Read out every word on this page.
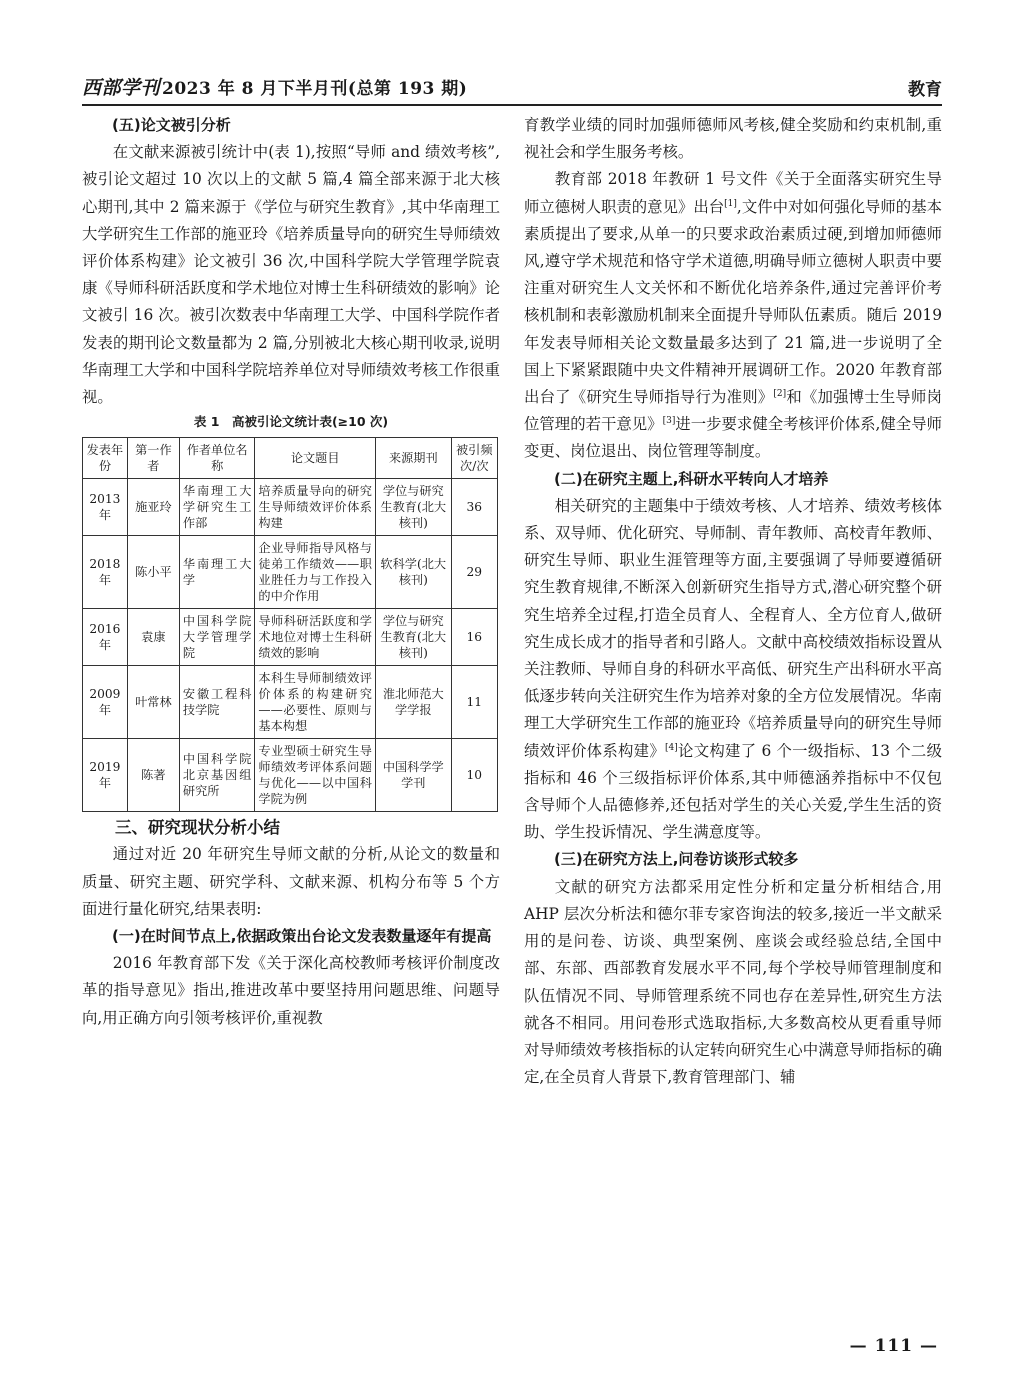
西部学刊 2023 年 8 月下半月刊(总第 193 期)	教育

(五)论文被引分析

在文献来源被引统计中(表 1),按照“导师 and 绩效考核”,被引论文超过 10 次以上的文献 5 篇,4 篇全部来源于北大核心期刊,其中 2 篇来源于《学位与研究生教育》,其中华南理工大学研究生工作部的施亚玲《培养质量导向的研究生导师绩效评价体系构建》论文被引 36 次,中国科学院大学管理学院袁康《导师科研活跃度和学术地位对博士生科研绩效的影响》论文被引 16 次。被引次数表中华南理工大学、中国科学院作者发表的期刊论文数量都为 2 篇,分别被北大核心期刊收录,说明华南理工大学和中国科学院培养单位对导师绩效考核工作很重视。

表 1　高被引论文统计表(≥10 次)
发表年份	第一作者	作者单位名称	论文题目	来源期刊	被引频次/次
2013 年	施亚玲	华南理工大学研究生工作部	培养质量导向的研究生导师绩效评价体系构建	学位与研究生教育(北大核刊)	36
2018 年	陈小平	华南理工大学	企业导师指导风格与徒弟工作绩效——职业胜任力与工作投入的中介作用	软科学(北大核刊)	29
2016 年	袁康	中国科学院大学管理学院	导师科研活跃度和学术地位对博士生科研绩效的影响	学位与研究生教育(北大核刊)	16
2009 年	叶常林	安徽工程科技学院	本科生导师制绩效评价体系的构建研究——必要性、原则与基本构想	淮北师范大学学报	11
2019 年	陈著	中国科学院北京基因组研究所	专业型硕士研究生导师绩效考评体系问题与优化——以中国科学院为例	中国科学学学刊	10

三、研究现状分析小结

通过对近 20 年研究生导师文献的分析,从论文的数量和质量、研究主题、研究学科、文献来源、机构分布等 5 个方面进行量化研究,结果表明:

(一)在时间节点上,依据政策出台论文发表数量逐年有提高

2016 年教育部下发《关于深化高校教师考核评价制度改革的指导意见》指出,推进改革中要坚持用问题思维、问题导向,用正确方向引领考核评价,重视教

育教学业绩的同时加强师德师风考核,健全奖励和约束机制,重视社会和学生服务考核。

教育部 2018 年教研 1 号文件《关于全面落实研究生导师立德树人职责的意见》出台[1],文件中对如何强化导师的基本素质提出了要求,从单一的只要求政治素质过硬,到增加师德师风,遵守学术规范和恪守学术道德,明确导师立德树人职责中要注重对研究生人文关怀和不断优化培养条件,通过完善评价考核机制和表彰激励机制来全面提升导师队伍素质。随后 2019 年发表导师相关论文数量最多达到了 21 篇,进一步说明了全国上下紧紧跟随中央文件精神开展调研工作。2020 年教育部出台了《研究生导师指导行为准则》[2]和《加强博士生导师岗位管理的若干意见》[3]进一步要求健全考核评价体系,健全导师变更、岗位退出、岗位管理等制度。

(二)在研究主题上,科研水平转向人才培养

相关研究的主题集中于绩效考核、人才培养、绩效考核体系、双导师、优化研究、导师制、青年教师、高校青年教师、研究生导师、职业生涯管理等方面,主要强调了导师要遵循研究生教育规律,不断深入创新研究生指导方式,潜心研究整个研究生培养全过程,打造全员育人、全程育人、全方位育人,做研究生成长成才的指导者和引路人。文献中高校绩效指标设置从关注教师、导师自身的科研水平高低、研究生产出科研水平高低逐步转向关注研究生作为培养对象的全方位发展情况。华南理工大学研究生工作部的施亚玲《培养质量导向的研究生导师绩效评价体系构建》[4]论文构建了 6 个一级指标、13 个二级指标和 46 个三级指标评价体系,其中师德涵养指标中不仅包含导师个人品德修养,还包括对学生的关心关爱,学生生活的资助、学生投诉情况、学生满意度等。

(三)在研究方法上,问卷访谈形式较多

文献的研究方法都采用定性分析和定量分析相结合,用 AHP 层次分析法和德尔菲专家咨询法的较多,接近一半文献采用的是问卷、访谈、典型案例、座谈会或经验总结,全国中部、东部、西部教育发展水平不同,每个学校导师管理制度和队伍情况不同、导师管理系统不同也存在差异性,研究生方法就各不相同。用问卷形式选取指标,大多数高校从更看重导师对导师绩效考核指标的认定转向研究生心中满意导师指标的确定,在全员育人背景下,教育管理部门、辅

— 111 —
